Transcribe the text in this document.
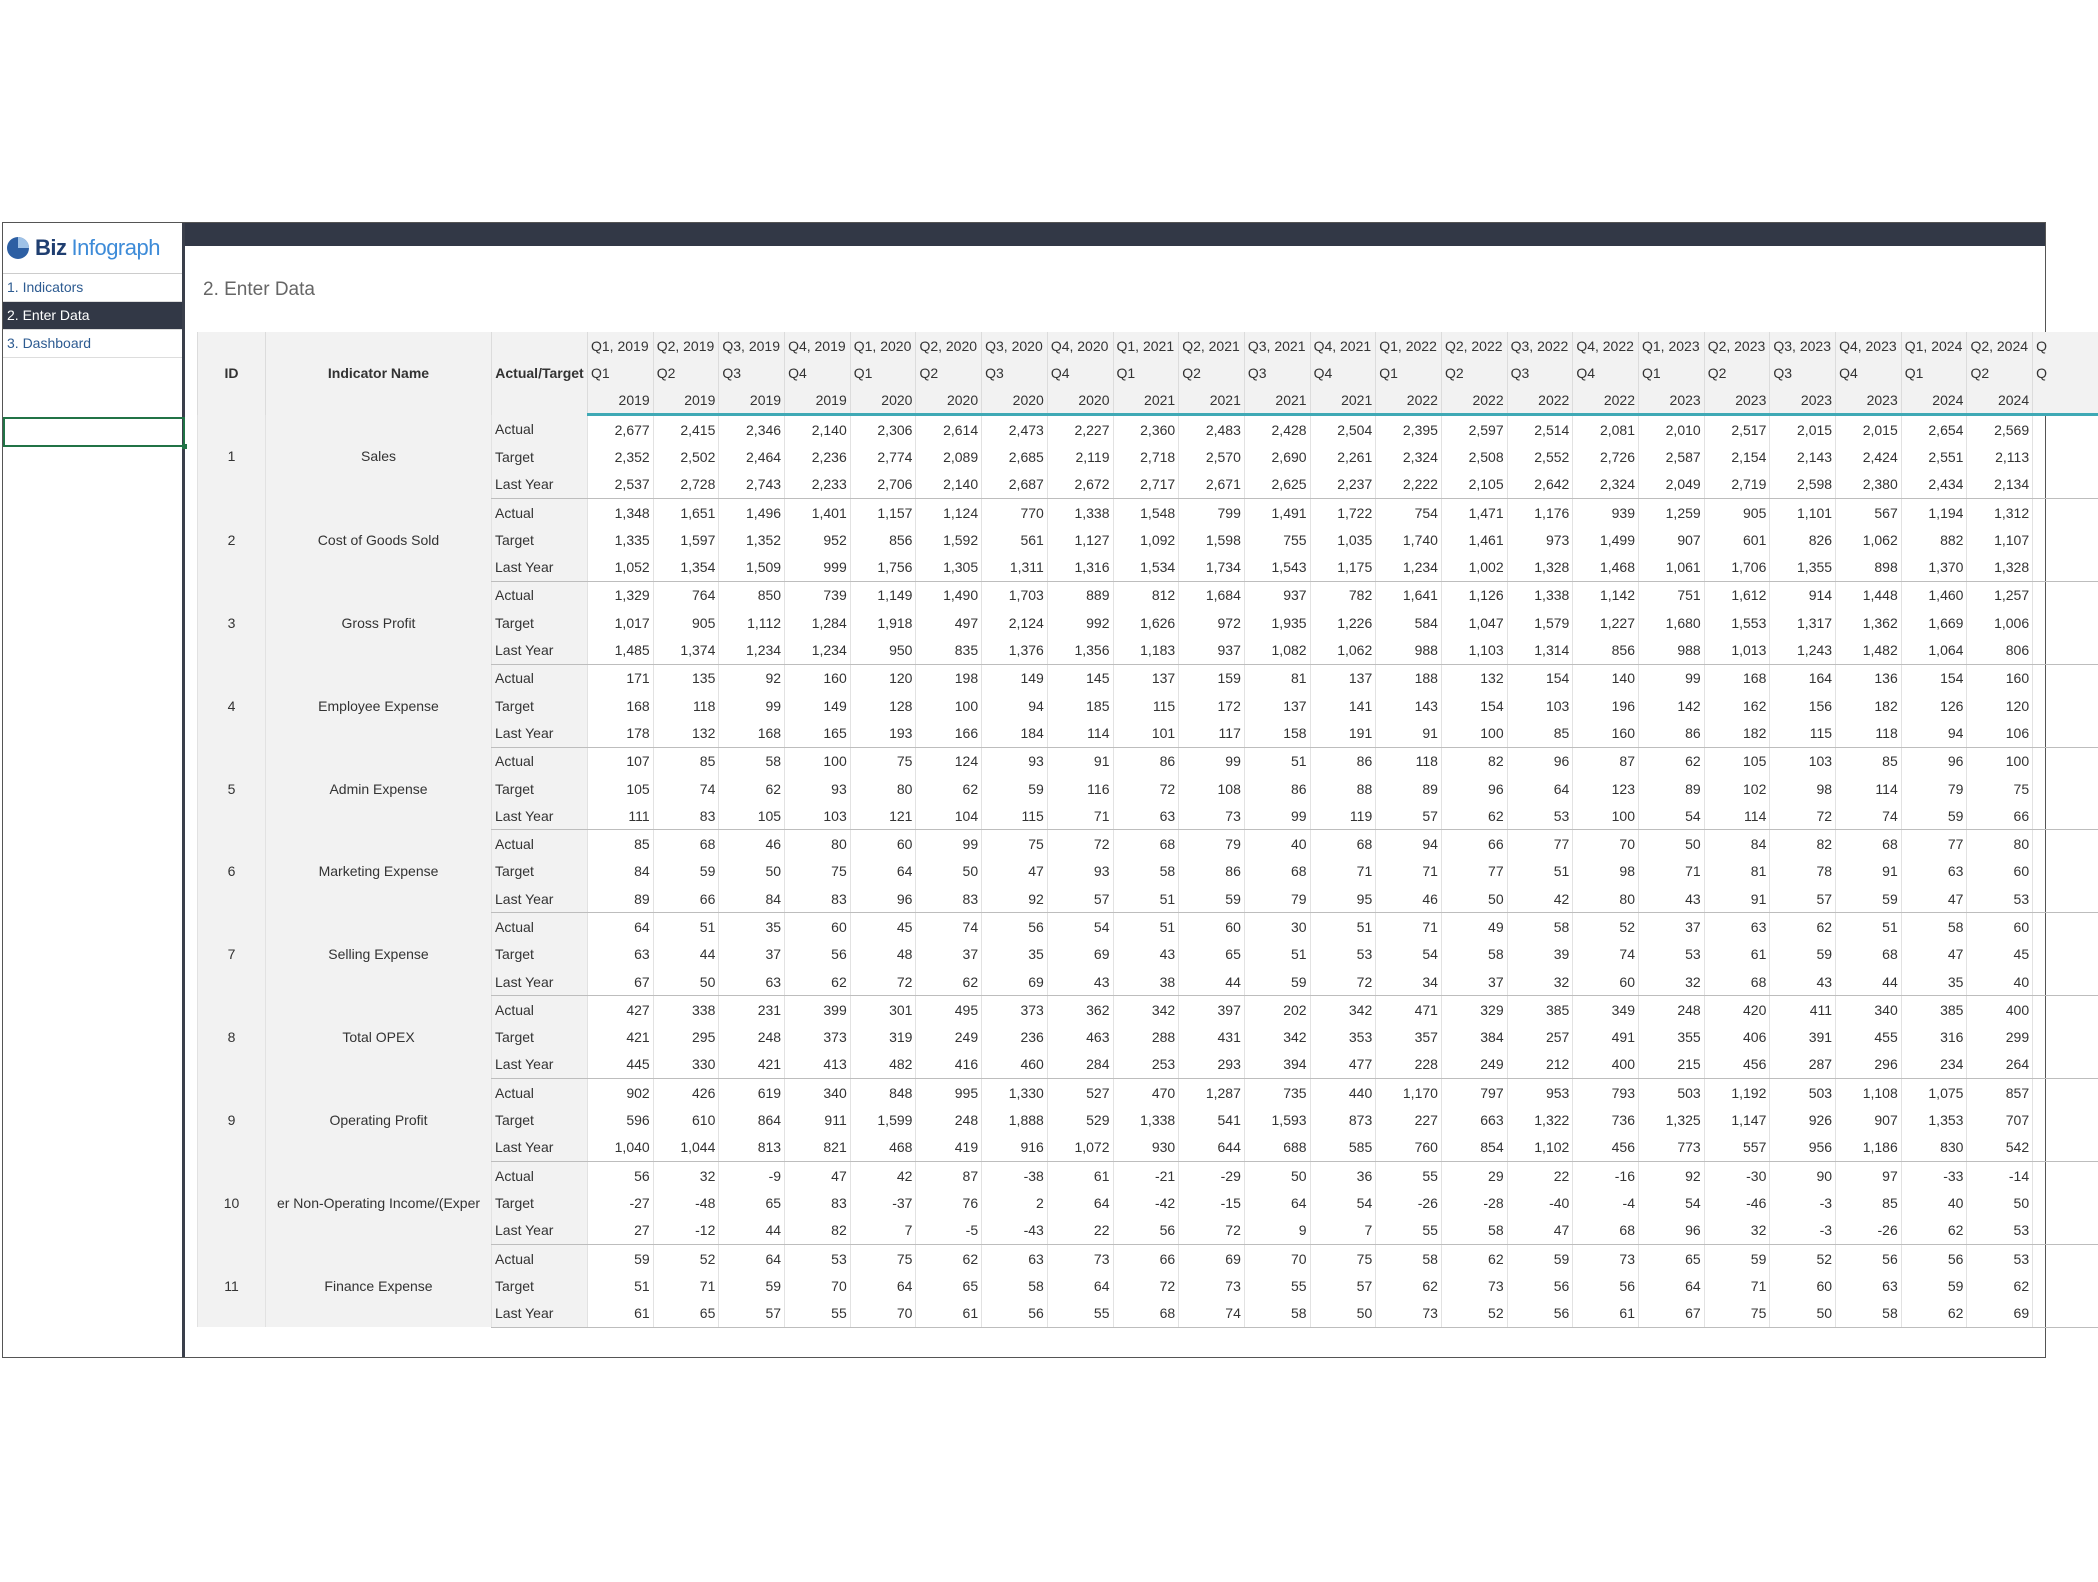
Biz Infograph
1. Indicators
2. Enter Data
3. Dashboard
2. Enter Data
ID	Indicator Name	Actual/Target	Q1, 2019	Q2, 2019	Q3, 2019	Q4, 2019	Q1, 2020	Q2, 2020	Q3, 2020	Q4, 2020	Q1, 2021	Q2, 2021	Q3, 2021	Q4, 2021	Q1, 2022	Q2, 2022	Q3, 2022	Q4, 2022	Q1, 2023	Q2, 2023	Q3, 2023	Q4, 2023	Q1, 2024	Q2, 2024	Q
			Q1	Q2	Q3	Q4	Q1	Q2	Q3	Q4	Q1	Q2	Q3	Q4	Q1	Q2	Q3	Q4	Q1	Q2	Q3	Q4	Q1	Q2	Q
			2019	2019	2019	2019	2020	2020	2020	2020	2021	2021	2021	2021	2022	2022	2022	2022	2023	2023	2023	2023	2024	2024	
1	Sales	Actual	2,677	2,415	2,346	2,140	2,306	2,614	2,473	2,227	2,360	2,483	2,428	2,504	2,395	2,597	2,514	2,081	2,010	2,517	2,015	2,015	2,654	2,569	
		Target	2,352	2,502	2,464	2,236	2,774	2,089	2,685	2,119	2,718	2,570	2,690	2,261	2,324	2,508	2,552	2,726	2,587	2,154	2,143	2,424	2,551	2,113	
		Last Year	2,537	2,728	2,743	2,233	2,706	2,140	2,687	2,672	2,717	2,671	2,625	2,237	2,222	2,105	2,642	2,324	2,049	2,719	2,598	2,380	2,434	2,134	
2	Cost of Goods Sold	Actual	1,348	1,651	1,496	1,401	1,157	1,124	770	1,338	1,548	799	1,491	1,722	754	1,471	1,176	939	1,259	905	1,101	567	1,194	1,312	
		Target	1,335	1,597	1,352	952	856	1,592	561	1,127	1,092	1,598	755	1,035	1,740	1,461	973	1,499	907	601	826	1,062	882	1,107	
		Last Year	1,052	1,354	1,509	999	1,756	1,305	1,311	1,316	1,534	1,734	1,543	1,175	1,234	1,002	1,328	1,468	1,061	1,706	1,355	898	1,370	1,328	
3	Gross Profit	Actual	1,329	764	850	739	1,149	1,490	1,703	889	812	1,684	937	782	1,641	1,126	1,338	1,142	751	1,612	914	1,448	1,460	1,257	
		Target	1,017	905	1,112	1,284	1,918	497	2,124	992	1,626	972	1,935	1,226	584	1,047	1,579	1,227	1,680	1,553	1,317	1,362	1,669	1,006	
		Last Year	1,485	1,374	1,234	1,234	950	835	1,376	1,356	1,183	937	1,082	1,062	988	1,103	1,314	856	988	1,013	1,243	1,482	1,064	806	
4	Employee Expense	Actual	171	135	92	160	120	198	149	145	137	159	81	137	188	132	154	140	99	168	164	136	154	160	
		Target	168	118	99	149	128	100	94	185	115	172	137	141	143	154	103	196	142	162	156	182	126	120	
		Last Year	178	132	168	165	193	166	184	114	101	117	158	191	91	100	85	160	86	182	115	118	94	106	
5	Admin Expense	Actual	107	85	58	100	75	124	93	91	86	99	51	86	118	82	96	87	62	105	103	85	96	100	
		Target	105	74	62	93	80	62	59	116	72	108	86	88	89	96	64	123	89	102	98	114	79	75	
		Last Year	111	83	105	103	121	104	115	71	63	73	99	119	57	62	53	100	54	114	72	74	59	66	
6	Marketing Expense	Actual	85	68	46	80	60	99	75	72	68	79	40	68	94	66	77	70	50	84	82	68	77	80	
		Target	84	59	50	75	64	50	47	93	58	86	68	71	71	77	51	98	71	81	78	91	63	60	
		Last Year	89	66	84	83	96	83	92	57	51	59	79	95	46	50	42	80	43	91	57	59	47	53	
7	Selling Expense	Actual	64	51	35	60	45	74	56	54	51	60	30	51	71	49	58	52	37	63	62	51	58	60	
		Target	63	44	37	56	48	37	35	69	43	65	51	53	54	58	39	74	53	61	59	68	47	45	
		Last Year	67	50	63	62	72	62	69	43	38	44	59	72	34	37	32	60	32	68	43	44	35	40	
8	Total OPEX	Actual	427	338	231	399	301	495	373	362	342	397	202	342	471	329	385	349	248	420	411	340	385	400	
		Target	421	295	248	373	319	249	236	463	288	431	342	353	357	384	257	491	355	406	391	455	316	299	
		Last Year	445	330	421	413	482	416	460	284	253	293	394	477	228	249	212	400	215	456	287	296	234	264	
9	Operating Profit	Actual	902	426	619	340	848	995	1,330	527	470	1,287	735	440	1,170	797	953	793	503	1,192	503	1,108	1,075	857	
		Target	596	610	864	911	1,599	248	1,888	529	1,338	541	1,593	873	227	663	1,322	736	1,325	1,147	926	907	1,353	707	
		Last Year	1,040	1,044	813	821	468	419	916	1,072	930	644	688	585	760	854	1,102	456	773	557	956	1,186	830	542	
10	er Non-Operating Income/(Exper	Actual	56	32	-9	47	42	87	-38	61	-21	-29	50	36	55	29	22	-16	92	-30	90	97	-33	-14	
		Target	-27	-48	65	83	-37	76	2	64	-42	-15	64	54	-26	-28	-40	-4	54	-46	-3	85	40	50	
		Last Year	27	-12	44	82	7	-5	-43	22	56	72	9	7	55	58	47	68	96	32	-3	-26	62	53	
11	Finance Expense	Actual	59	52	64	53	75	62	63	73	66	69	70	75	58	62	59	73	65	59	52	56	56	53	
		Target	51	71	59	70	64	65	58	64	72	73	55	57	62	73	56	56	64	71	60	63	59	62	
		Last Year	61	65	57	55	70	61	56	55	68	74	58	50	73	52	56	61	67	75	50	58	62	69	
